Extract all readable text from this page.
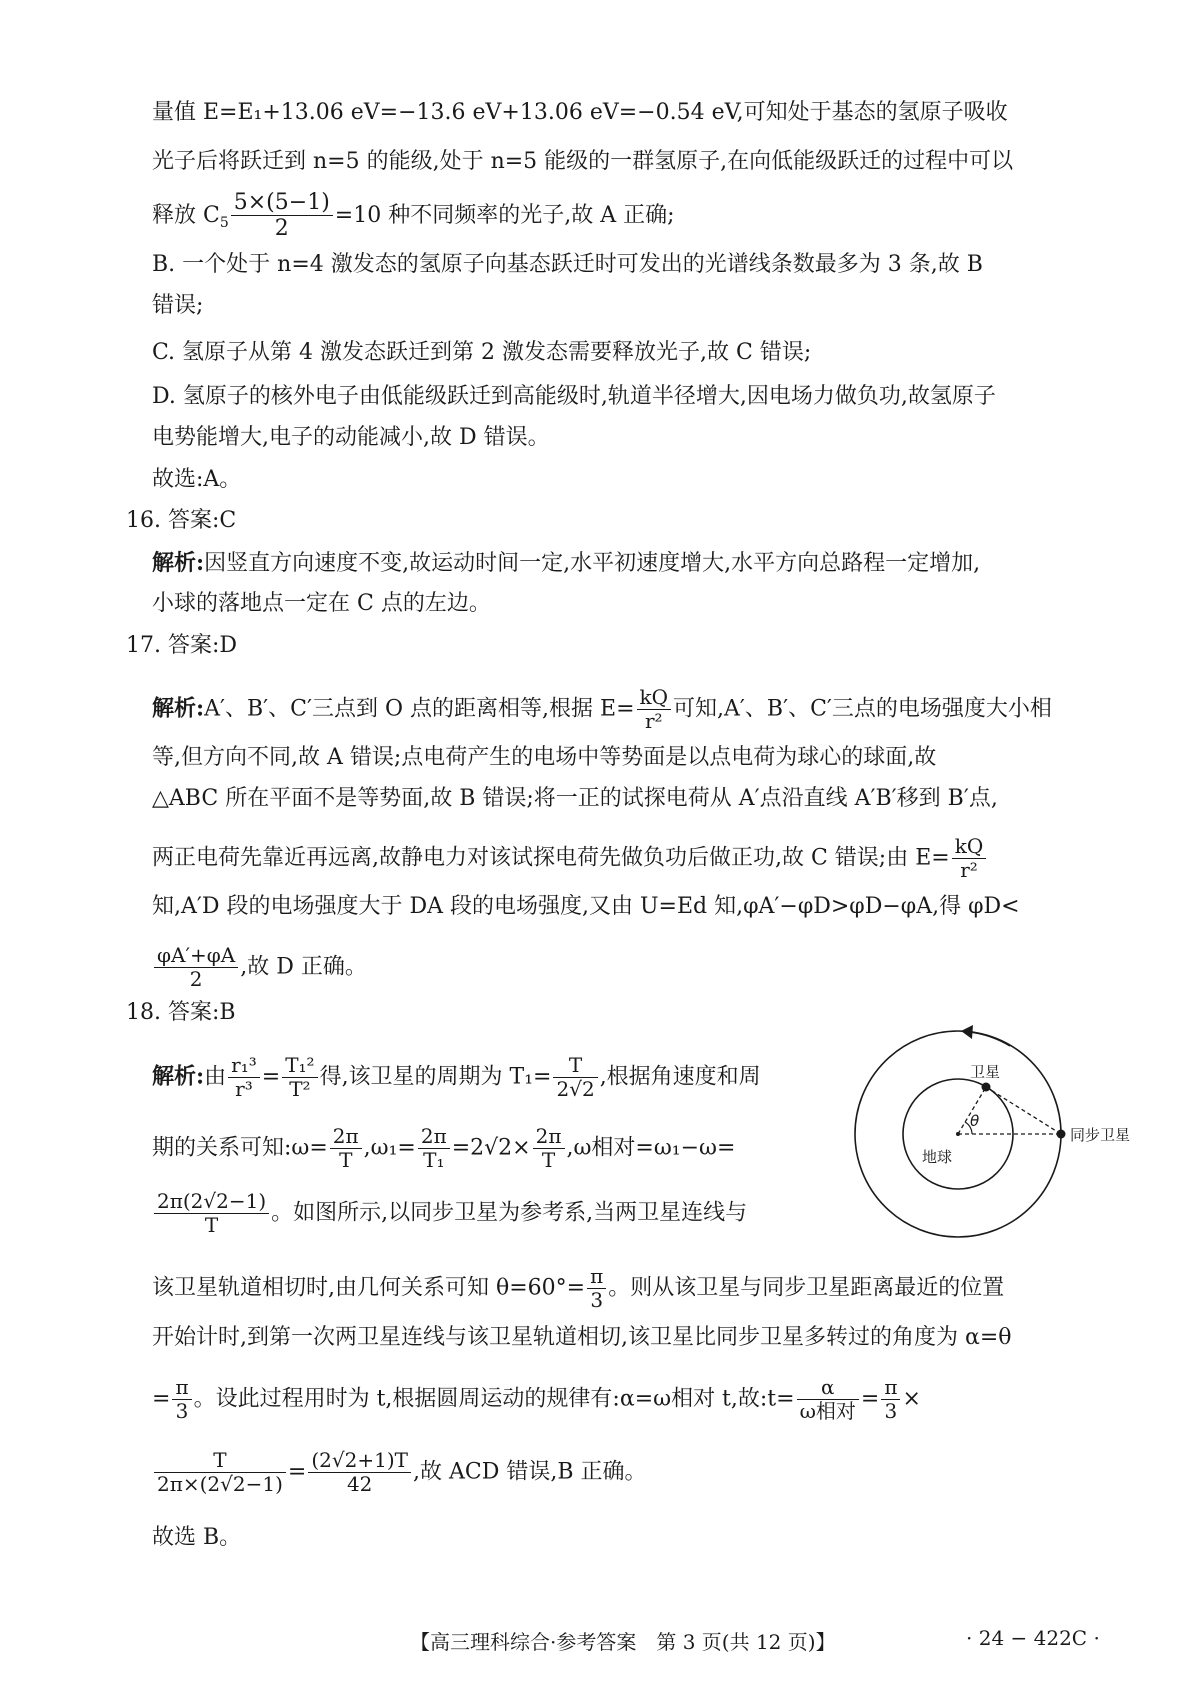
量值 E=E₁+13.06 eV=−13.6 eV+13.06 eV=−0.54 eV,可知处于基态的氢原子吸收
光子后将跃迁到 n=5 的能级,处于 n=5 能级的一群氢原子,在向低能级跃迁的过程中可以
释放 $C_5 \frac{5\times(5-1)}{2} =10$ 种不同频率的光子,故 A 正确;
B. 一个处于 n=4 激发态的氢原子向基态跃迁时可发出的光谱线条数最多为 3 条,故 B
错误;
C. 氢原子从第 4 激发态跃迁到第 2 激发态需要释放光子,故 C 错误;
D. 氢原子的核外电子由低能级跃迁到高能级时,轨道半径增大,因电场力做负功,故氢原子
电势能增大,电子的动能减小,故 D 错误。
故选:A。
16. 答案:C
解析:因竖直方向速度不变,故运动时间一定,水平初速度增大,水平方向总路程一定增加,
小球的落地点一定在 C 点的左边。
17. 答案:D
解析:A′、B′、C′三点到 O 点的距离相等,根据 $E= \frac{kQ}{\text{r²}}$ 可知,A′、B′、C′三点的电场强度大小相
等,但方向不同,故 A 错误;点电荷产生的电场中等势面是以点电荷为球心的球面,故
△ABC 所在平面不是等势面,故 B 错误;将一正的试探电荷从 A′点沿直线 A′B′移到 B′点,
两正电荷先靠近再远离,故静电力对该试探电荷先做负功后做正功,故 C 错误;由 $E= \frac{kQ}{\text{r²}}$
知,A′D 段的电场强度大于 DA 段的电场强度,又由 U=Ed 知,φA′−φD>φD−φA,得 φD<
$\frac{\varphi A'+\varphi A}{2}$ ,故 D 正确。
18. 答案:B
解析:由 $\frac{\text{r₁³}}{\text{r³}} = \frac{\text{T₁²}}{\text{T²}}$ 得,该卫星的周期为 $T_1= \frac{T}{2√2}$ ,根据角速度和周
期的关系可知:ω= $\frac{2\pi}{T} ,\omega_1= \frac{2\pi}{\text{T₁}} =2√2\times \frac{2\pi}{T} ,\omega$相对=ω₁−ω=
$\frac{2\pi(2√2-1)}{T}$ 。如图所示,以同步卫星为参考系,当两卫星连线与
该卫星轨道相切时,由几何关系可知 $\theta=60^\circ= \frac{\pi}{3}$ 。则从该卫星与同步卫星距离最近的位置
开始计时,到第一次两卫星连线与该卫星轨道相切,该卫星比同步卫星多转过的角度为 α=θ
= $\frac{\pi}{3}$ 。设此过程用时为 t,根据圆周运动的规律有:α=ω相对 t,故:t= $\frac{\alpha}{\text{ω相对}} = \frac{\pi}{3}$ ×
$\frac{T}{2\pi\times(2√2-1)} = \frac{(2√2+1)T}{42}$ ,故 ACD 错误,B 正确。
故选 B。
卫星
θ
同步卫星
地球
【高三理科综合·参考答案　第 3 页(共 12 页)】	· 24 − 422C ·
